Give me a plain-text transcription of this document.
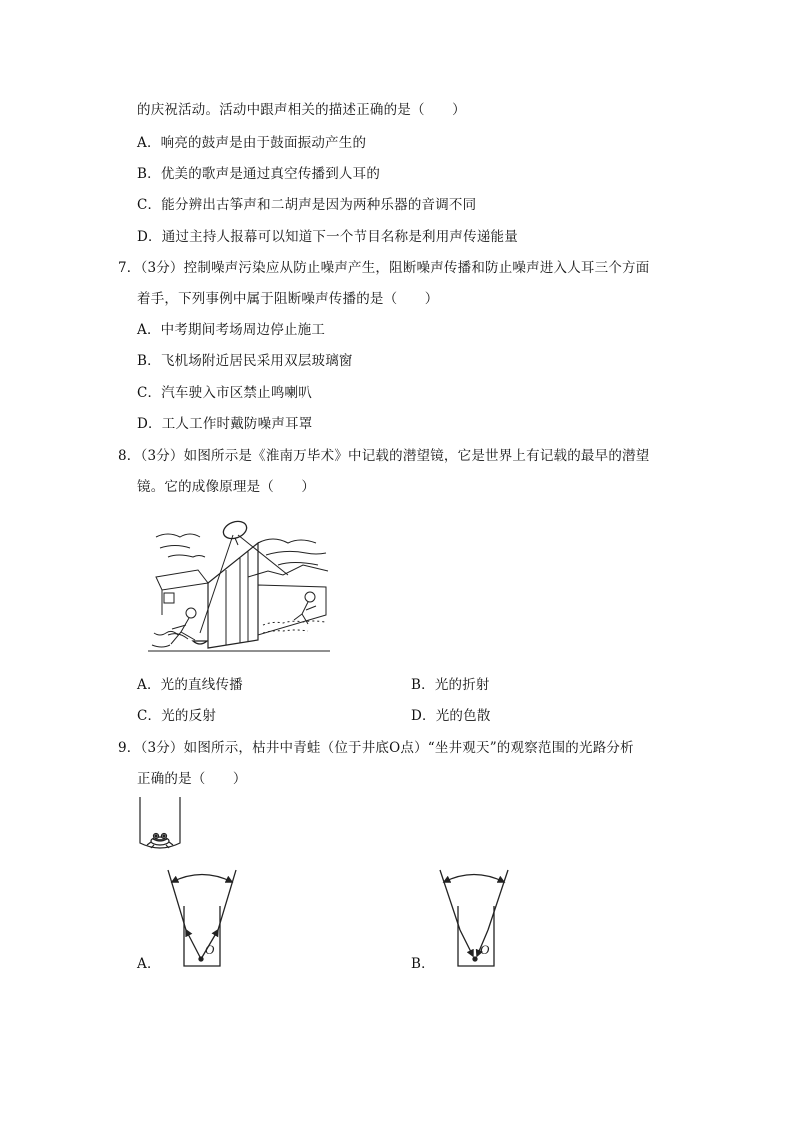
的庆祝活动。活动中跟声相关的描述正确的是（　　）
A．响亮的鼓声是由于鼓面振动产生的
B．优美的歌声是通过真空传播到人耳的
C．能分辨出古筝声和二胡声是因为两种乐器的音调不同
D．通过主持人报幕可以知道下一个节目名称是利用声传递能量
7．（3分）控制噪声污染应从防止噪声产生，阻断噪声传播和防止噪声进入人耳三个方面
着手，下列事例中属于阻断噪声传播的是（　　）
A．中考期间考场周边停止施工
B．飞机场附近居民采用双层玻璃窗
C．汽车驶入市区禁止鸣喇叭
D．工人工作时戴防噪声耳罩
8．（3分）如图所示是《淮南万毕术》中记载的潜望镜，它是世界上有记载的最早的潜望
镜。它的成像原理是（　　）
A．光的直线传播	B．光的折射
C．光的反射	D．光的色散
9．（3分）如图所示，枯井中青蛙（位于井底O点）“坐井观天”的观察范围的光路分析
正确的是（　　）
A．
O
B．
O
